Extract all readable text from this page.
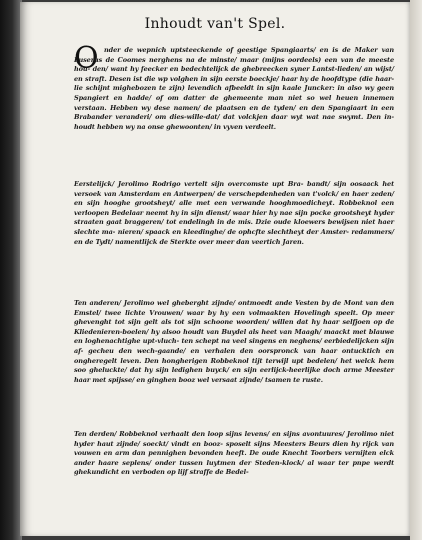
Inhoudt van't Spel.
O nder de wepnich uptsteeckende of geestige Spangiaarts/ en is de Maker van Luserus de Coomes nerghens na de minste/ maar (mijns oordeels) een van de meeste hou- den/ want hy feecker en bedechtelijck de ghebreecken syner Lantst-lieden/ an wijst/ en straft. Desen ist die wp volghen in sijn eerste boeckje/ haar hy de hoofdtype (die haar-lie schijnt mighebozen te zijn) levendich afbeeldt in sijn kaale Juncker: in also wy geen Spangiert en hadde/ of om datter de ghemeente man niet so wel heuen innemen verstaan. Hebben wy dese namen/ de plaatsen en de tyden/ en den Spangiaart in een Brabander veranderi/ om dies-wille-dat/ dat volckjen daar wyt wat nae swymt. Den in- houdt hebben wy na onse ghewoonten/ in vyven verdeelt.

Eerstelijck/ Jerolimo Rodrigo vertelt sijn overcomste upt Bra- bandt/ sijn oosaack het versoek van Amsterdam en Antwerpen/ de verschepdenheden van t'volck/ en haer zeden/ en sijn hooghe grootsheyt/ alle met een verwande hooghmoedicheyt. Robbeknol een verloopen Bedelaar neemt hy in sijn dienst/ waar hier hy nae sijn pocke grootsheyt hyder straaten gaat braggeren/ tot endelingh in de mis. Dzie oude kloewers bewijsen niet haer slechte ma- nieren/ spaack en kleedinghe/ de ophcfte slechtheyt der Amster- redammers/ en de Tydt/ namentlijck de Sterkte over meer dan veertich Jaren.

Ten anderen/ Jerolimo wel gheberght zijnde/ ontmoedt ande Vesten by de Mont van den Emstel/ twee lichte Vrouwen/ waar by hy een volmaakten Hovelingh speelt. Op meer ghevenght tot sijn gelt als tot sijn schoone woorden/ willen dat hy haar selfjoen op de Kliedenieren-boelen/ hy alsoo houdt van Buydel als heet van Maagh/ maackt met blauwe en loghenachtighe upt-vluch- ten schept na veel singens en neghens/ eerbiedelijcken sijn af- gecheu den wech-gaande/ en verhalen den oorspronck van haar ontucktich en ongheregelt leven. Den hongherigen Robbeknol tijt terwijl upt bedelen/ het welck hem soo gheluckte/ dat hy sijn ledighen buyck/ en sijn eerlijck-heerlijke doch arme Meester haar met spijsse/ en ginghen booz wel versaat zijnde/ tsamen te ruste.

Ten derden/ Robbeknol verhaalt den loop sijns levens/ en sijns avontuures/ Jerolimo niet hyder haut zijnde/ soeckt/ vindt en booz- sposelt sijns Meesters Beurs dien hy rijck van vouwen en arm dan pennighen bevonden heeft. De oude Knecht Toorbers vernijten elck ander haare seplens/ onder tussen luytmen der Steden-klock/ al waar ter pnpe werdt ghekundicht en verboden op lijf straffe de Bedel-
